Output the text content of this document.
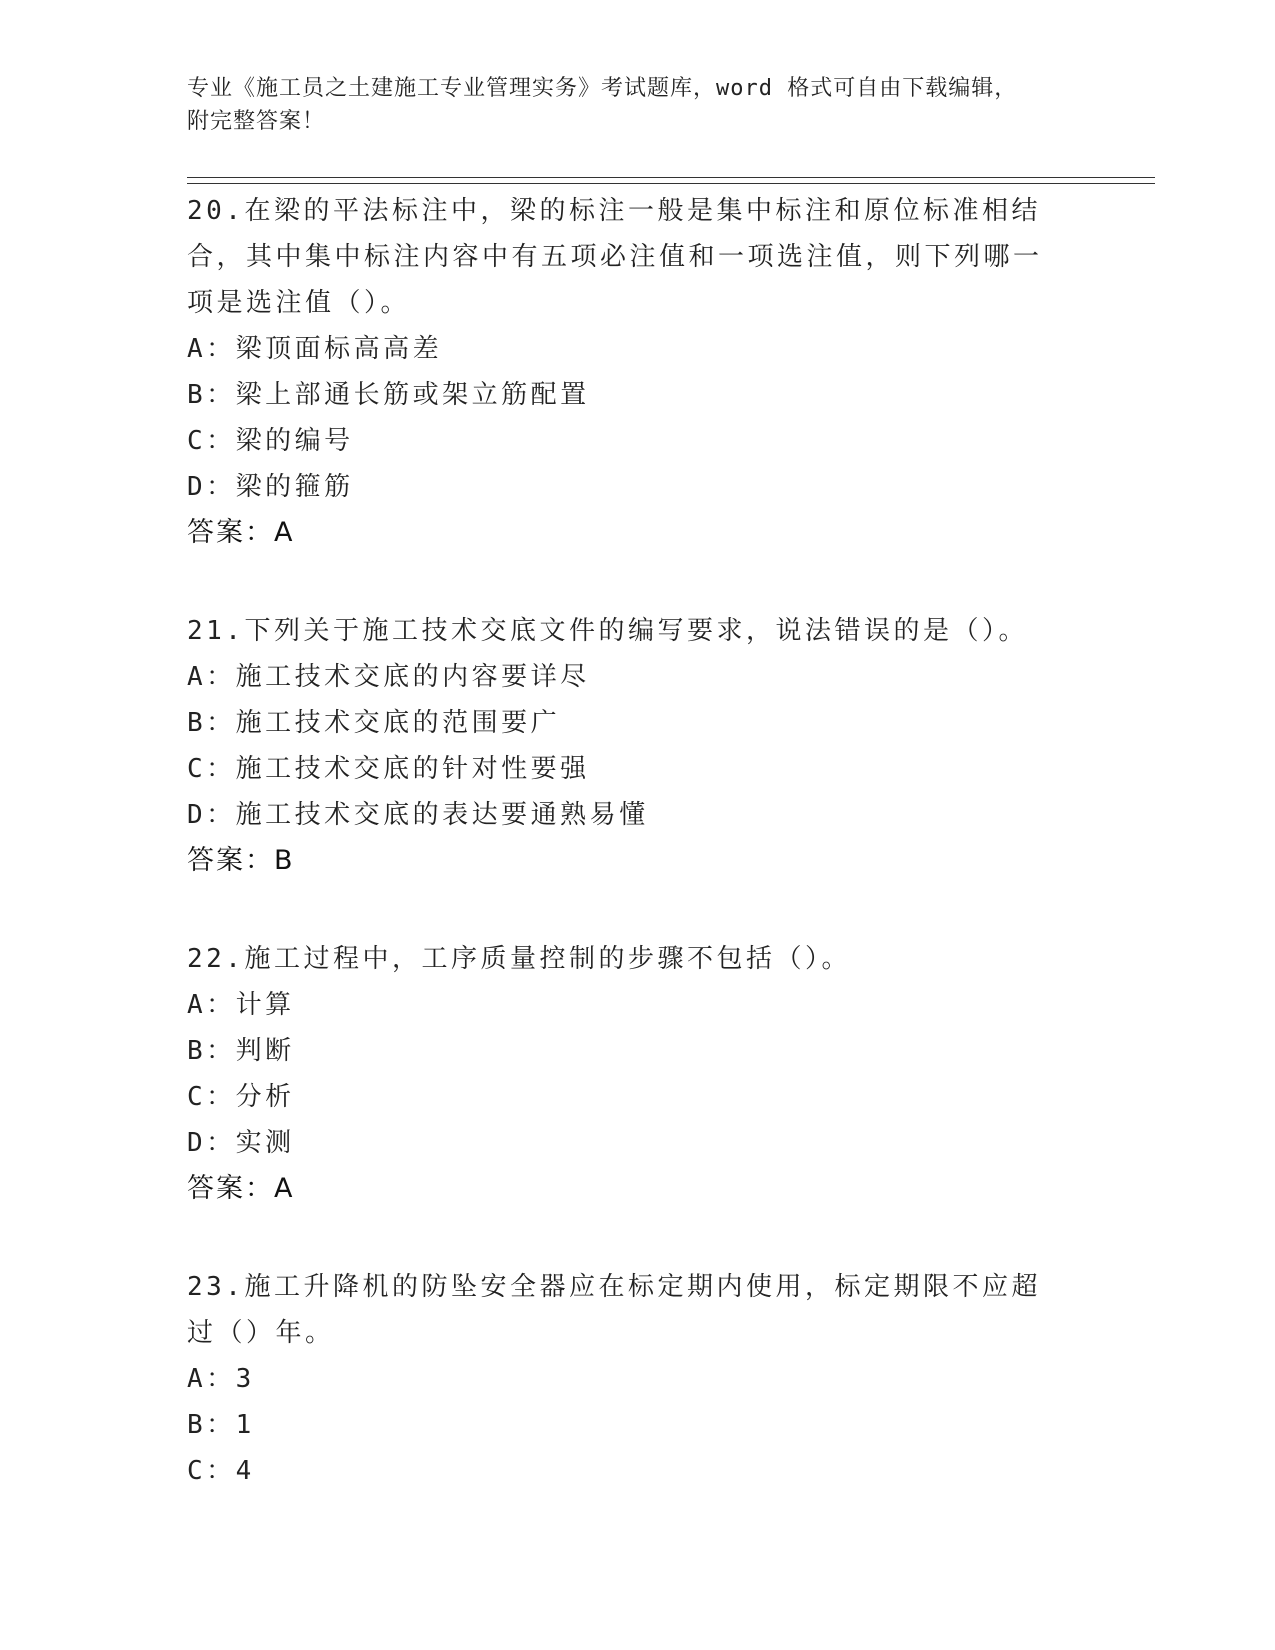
专业《施工员之土建施工专业管理实务》考试题库，word 格式可自由下载编辑，
附完整答案！
20.在梁的平法标注中，梁的标注一般是集中标注和原位标准相结合，其中集中标注内容中有五项必注值和一项选注值，则下列哪一项是选注值（）。
A：梁顶面标高高差
B：梁上部通长筋或架立筋配置
C：梁的编号
D：梁的箍筋
答案：A
21.下列关于施工技术交底文件的编写要求，说法错误的是（）。
A：施工技术交底的内容要详尽
B：施工技术交底的范围要广
C：施工技术交底的针对性要强
D：施工技术交底的表达要通熟易懂
答案：B
22.施工过程中，工序质量控制的步骤不包括（）。
A：计算
B：判断
C：分析
D：实测
答案：A
23.施工升降机的防坠安全器应在标定期内使用，标定期限不应超过（）年。
A：3
B：1
C：4
